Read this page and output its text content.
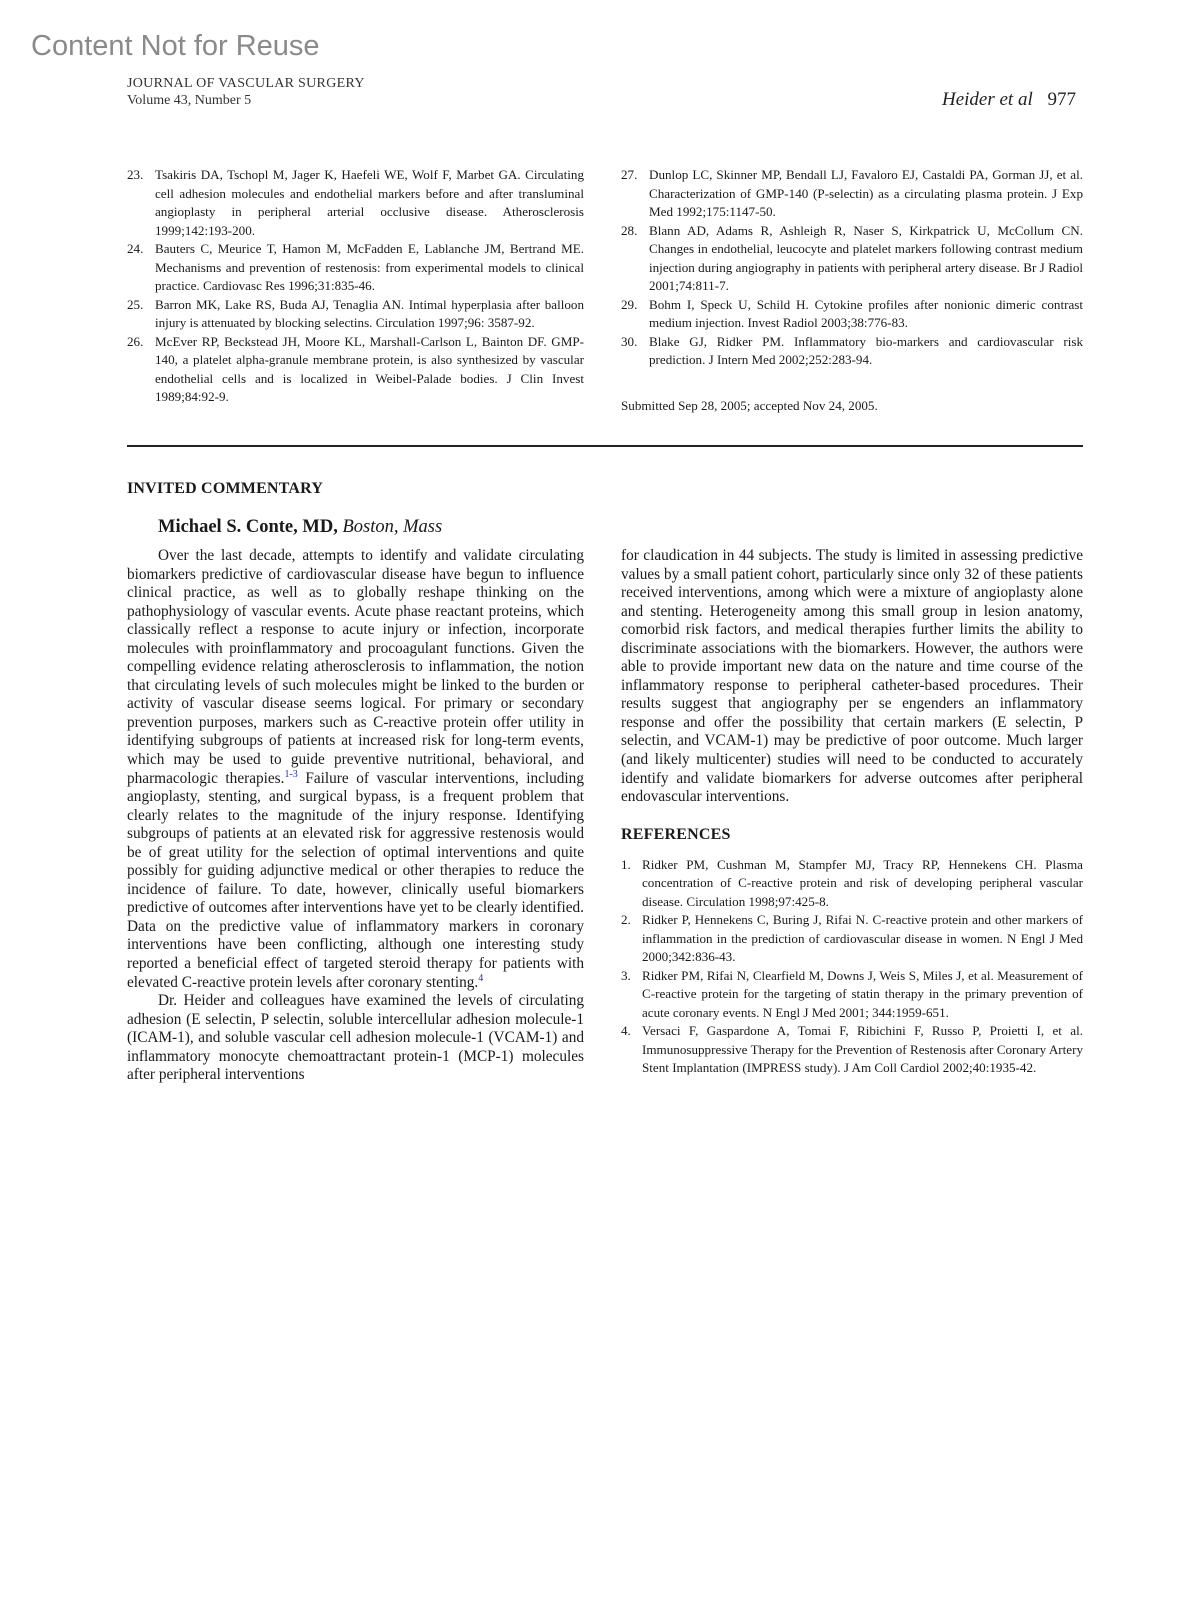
Content Not for Reuse
JOURNAL OF VASCULAR SURGERY
Volume 43, Number 5	Heider et al 977

23. Tsakiris DA, Tschopl M, Jager K, Haefeli WE, Wolf F, Marbet GA. Circulating cell adhesion molecules and endothelial markers before and after transluminal angioplasty in peripheral arterial occlusive disease. Atherosclerosis 1999;142:193-200.

24. Bauters C, Meurice T, Hamon M, McFadden E, Lablanche JM, Bertrand ME. Mechanisms and prevention of restenosis: from experimental models to clinical practice. Cardiovasc Res 1996;31:835-46.

25. Barron MK, Lake RS, Buda AJ, Tenaglia AN. Intimal hyperplasia after balloon injury is attenuated by blocking selectins. Circulation 1997;96: 3587-92.

26. McEver RP, Beckstead JH, Moore KL, Marshall-Carlson L, Bainton DF. GMP-140, a platelet alpha-granule membrane protein, is also synthesized by vascular endothelial cells and is localized in Weibel-Palade bodies. J Clin Invest 1989;84:92-9.

27. Dunlop LC, Skinner MP, Bendall LJ, Favaloro EJ, Castaldi PA, Gorman JJ, et al. Characterization of GMP-140 (P-selectin) as a circulating plasma protein. J Exp Med 1992;175:1147-50.

28. Blann AD, Adams R, Ashleigh R, Naser S, Kirkpatrick U, McCollum CN. Changes in endothelial, leucocyte and platelet markers following contrast medium injection during angiography in patients with peripheral artery disease. Br J Radiol 2001;74:811-7.

29. Bohm I, Speck U, Schild H. Cytokine profiles after nonionic dimeric contrast medium injection. Invest Radiol 2003;38:776-83.

30. Blake GJ, Ridker PM. Inflammatory bio-markers and cardiovascular risk prediction. J Intern Med 2002;252:283-94.

Submitted Sep 28, 2005; accepted Nov 24, 2005.
INVITED COMMENTARY
Michael S. Conte, MD, Boston, Mass

Over the last decade, attempts to identify and validate circulating biomarkers predictive of cardiovascular disease have begun to influence clinical practice, as well as to globally reshape thinking on the pathophysiology of vascular events. Acute phase reactant proteins, which classically reflect a response to acute injury or infection, incorporate molecules with proinflammatory and procoagulant functions. Given the compelling evidence relating atherosclerosis to inflammation, the notion that circulating levels of such molecules might be linked to the burden or activity of vascular disease seems logical. For primary or secondary prevention purposes, markers such as C-reactive protein offer utility in identifying subgroups of patients at increased risk for long-term events, which may be used to guide preventive nutritional, behavioral, and pharmacologic therapies.$^{1-3}$ Failure of vascular interventions, including angioplasty, stenting, and surgical bypass, is a frequent problem that clearly relates to the magnitude of the injury response. Identifying subgroups of patients at an elevated risk for aggressive restenosis would be of great utility for the selection of optimal interventions and quite possibly for guiding adjunctive medical or other therapies to reduce the incidence of failure. To date, however, clinically useful biomarkers predictive of outcomes after interventions have yet to be clearly identified. Data on the predictive value of inflammatory markers in coronary interventions have been conflicting, although one interesting study reported a beneficial effect of targeted steroid therapy for patients with elevated C-reactive protein levels after coronary stenting.$^4$

Dr. Heider and colleagues have examined the levels of circulating adhesion (E selectin, P selectin, soluble intercellular adhesion molecule-1 (ICAM-1), and soluble vascular cell adhesion molecule-1 (VCAM-1) and inflammatory monocyte chemoattractant protein-1 (MCP-1) molecules after peripheral interventions

for claudication in 44 subjects. The study is limited in assessing predictive values by a small patient cohort, particularly since only 32 of these patients received interventions, among which were a mixture of angioplasty alone and stenting. Heterogeneity among this small group in lesion anatomy, comorbid risk factors, and medical therapies further limits the ability to discriminate associations with the biomarkers. However, the authors were able to provide important new data on the nature and time course of the inflammatory response to peripheral catheter-based procedures. Their results suggest that angiography per se engenders an inflammatory response and offer the possibility that certain markers (E selectin, P selectin, and VCAM-1) may be predictive of poor outcome. Much larger (and likely multicenter) studies will need to be conducted to accurately identify and validate biomarkers for adverse outcomes after peripheral endovascular interventions.

REFERENCES

1. Ridker PM, Cushman M, Stampfer MJ, Tracy RP, Hennekens CH. Plasma concentration of C-reactive protein and risk of developing peripheral vascular disease. Circulation 1998;97:425-8.

2. Ridker P, Hennekens C, Buring J, Rifai N. C-reactive protein and other markers of inflammation in the prediction of cardiovascular disease in women. N Engl J Med 2000;342:836-43.

3. Ridker PM, Rifai N, Clearfield M, Downs J, Weis S, Miles J, et al. Measurement of C-reactive protein for the targeting of statin therapy in the primary prevention of acute coronary events. N Engl J Med 2001; 344:1959-651.

4. Versaci F, Gaspardone A, Tomai F, Ribichini F, Russo P, Proietti I, et al. Immunosuppressive Therapy for the Prevention of Restenosis after Coronary Artery Stent Implantation (IMPRESS study). J Am Coll Cardiol 2002;40:1935-42.
